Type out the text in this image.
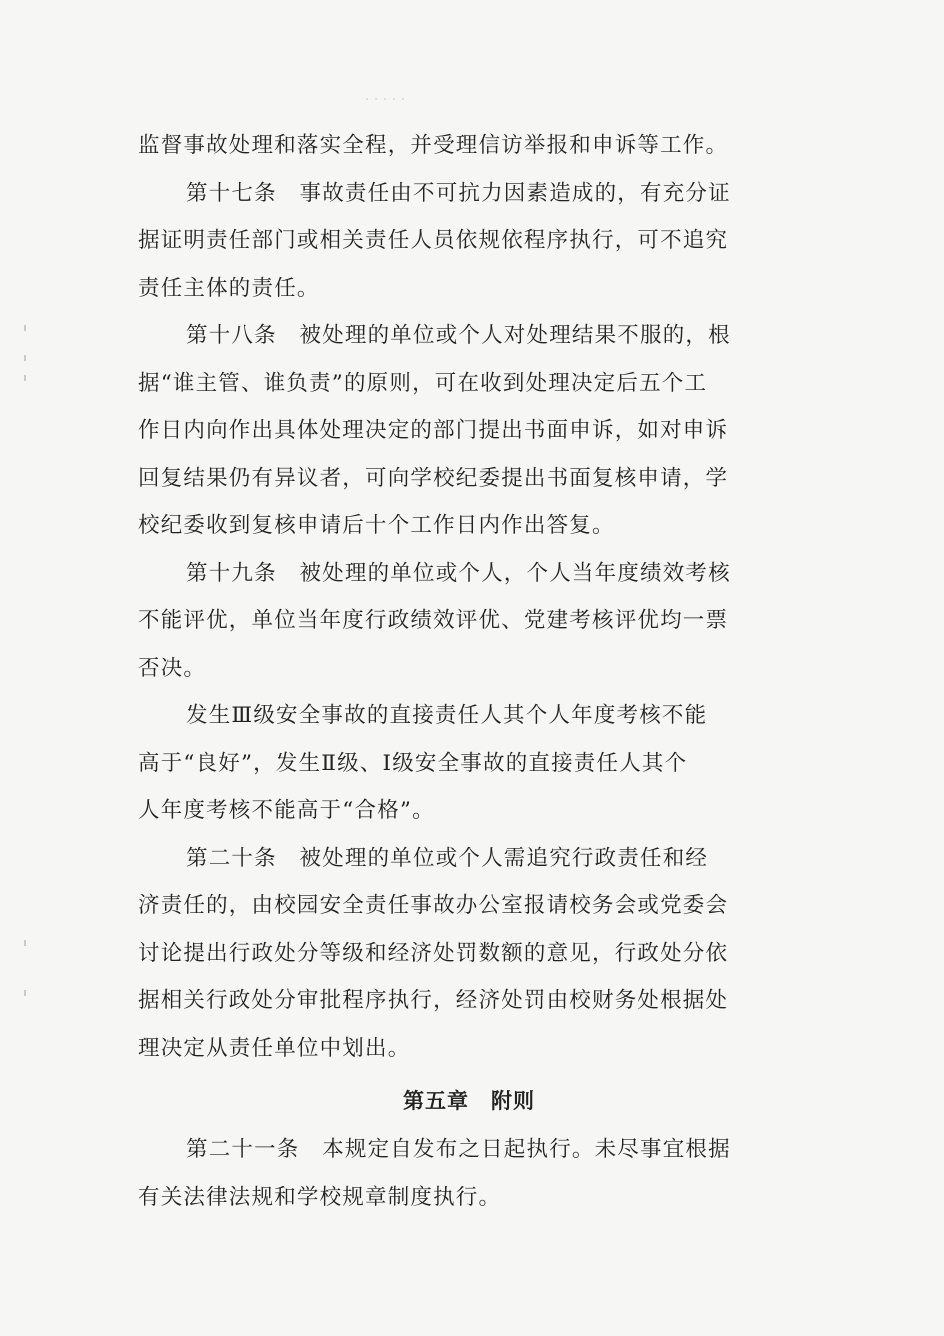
· · · · ·
监督事故处理和落实全程，并受理信访举报和申诉等工作。
第十七条　事故责任由不可抗力因素造成的，有充分证
据证明责任部门或相关责任人员依规依程序执行，可不追究
责任主体的责任。
第十八条　被处理的单位或个人对处理结果不服的，根
据“谁主管、谁负责”的原则，可在收到处理决定后五个工
作日内向作出具体处理决定的部门提出书面申诉，如对申诉
回复结果仍有异议者，可向学校纪委提出书面复核申请，学
校纪委收到复核申请后十个工作日内作出答复。
第十九条　被处理的单位或个人，个人当年度绩效考核
不能评优，单位当年度行政绩效评优、党建考核评优均一票
否决。
发生Ⅲ级安全事故的直接责任人其个人年度考核不能
高于“良好”，发生Ⅱ级、Ⅰ级安全事故的直接责任人其个
人年度考核不能高于“合格”。
第二十条　被处理的单位或个人需追究行政责任和经
济责任的，由校园安全责任事故办公室报请校务会或党委会
讨论提出行政处分等级和经济处罚数额的意见，行政处分依
据相关行政处分审批程序执行，经济处罚由校财务处根据处
理决定从责任单位中划出。
第五章 附则
第二十一条　本规定自发布之日起执行。未尽事宜根据
有关法律法规和学校规章制度执行。
